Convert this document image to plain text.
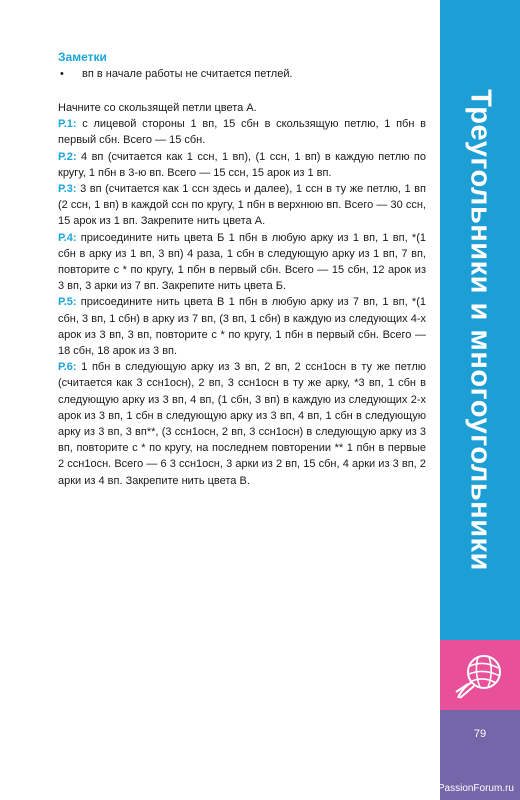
Заметки
•	вп в начале работы не считается петлей.

Начните со скользящей петли цвета А.

Р.1: с лицевой стороны 1 вп, 15 сбн в скользящую петлю, 1 пбн в первый сбн. Всего — 15 сбн.

Р.2: 4 вп (считается как 1 ссн, 1 вп), (1 ссн, 1 вп) в каждую петлю по кругу, 1 пбн в 3-ю вп. Всего — 15 ссн, 15 арок из 1 вп.

Р.3: 3 вп (считается как 1 ссн здесь и далее), 1 ссн в ту же петлю, 1 вп (2 ссн, 1 вп) в каждой ссн по кругу, 1 пбн в верхнюю вп. Всего — 30 ссн, 15 арок из 1 вп. Закрепите нить цвета А.

Р.4: присоедините нить цвета Б 1 пбн в любую арку из 1 вп, 1 вп, *(1 сбн в арку из 1 вп, 3 вп) 4 раза, 1 сбн в следующую арку из 1 вп, 7 вп, повторите с * по кругу, 1 пбн в первый сбн. Всего — 15 сбн, 12 арок из 3 вп, 3 арки из 7 вп. Закрепите нить цвета Б.

Р.5: присоедините нить цвета В 1 пбн в любую арку из 7 вп, 1 вп, *(1 сбн, 3 вп, 1 сбн) в арку из 7 вп, (3 вп, 1 сбн) в каждую из следующих 4-х арок из 3 вп, 3 вп, повторите с * по кругу, 1 пбн в первый сбн. Всего — 18 сбн, 18 арок из 3 вп.

Р.6: 1 пбн в следующую арку из 3 вп, 2 вп, 2 ссн1осн в ту же петлю (считается как 3 ссн1осн), 2 вп, 3 ссн1осн в ту же арку, *3 вп, 1 сбн в следующую арку из 3 вп, 4 вп, (1 сбн, 3 вп) в каждую из следующих 2-х арок из 3 вп, 1 сбн в следующую арку из 3 вп, 4 вп, 1 сбн в следующую арку из 3 вп, 3 вп**, (3 ссн1осн, 2 вп, 3 ссн1осн) в следующую арку из 3 вп, повторите с * по кругу, на последнем повторении ** 1 пбн в первые 2 ссн1осн. Всего — 6 3 ссн1осн, 3 арки из 2 вп, 15 сбн, 4 арки из 3 вп, 2 арки из 4 вп. Закрепите нить цвета В.	Треугольники и многоугольники
79
PassionForum.ru
